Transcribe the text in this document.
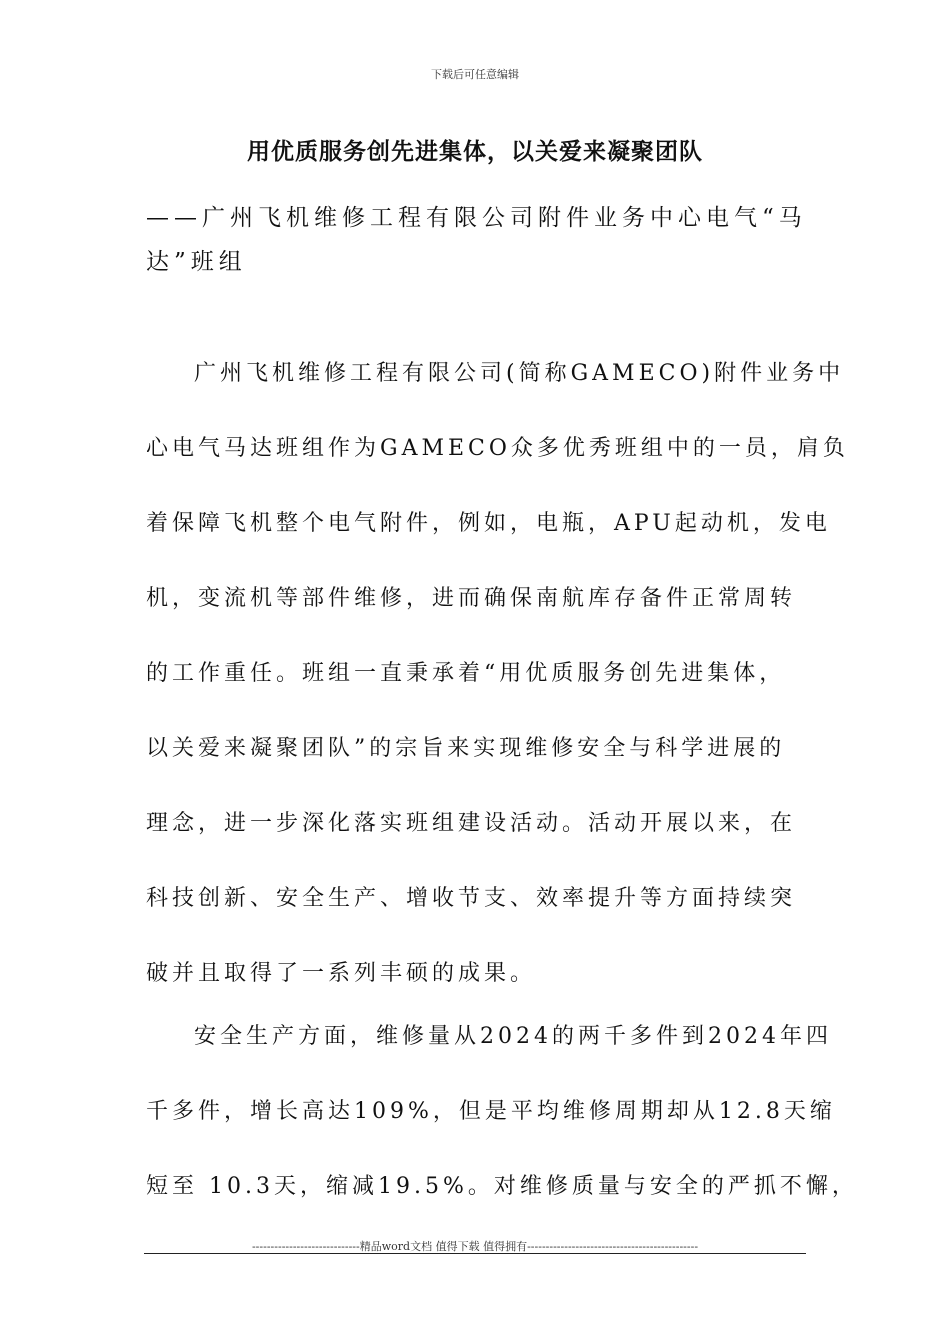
下载后可任意编辑
用优质服务创先进集体，以关爱来凝聚团队
——广州飞机维修工程有限公司附件业务中心电气“马
达”班组
广州飞机维修工程有限公司(简称GAMECO)附件业务中
心电气马达班组作为GAMECO众多优秀班组中的一员，肩负
着保障飞机整个电气附件，例如，电瓶，APU起动机，发电
机，变流机等部件维修，进而确保南航库存备件正常周转
的工作重任。班组一直秉承着“用优质服务创先进集体，
以关爱来凝聚团队”的宗旨来实现维修安全与科学进展的
理念，进一步深化落实班组建设活动。活动开展以来，在
科技创新、安全生产、增收节支、效率提升等方面持续突
破并且取得了一系列丰硕的成果。
安全生产方面，维修量从2024的两千多件到2024年四
千多件，增长高达109%，但是平均维修周期却从12.8天缩
短至 10.3天，缩减19.5%。对维修质量与安全的严抓不懈，
-----------------------------精品word文档 值得下载 值得拥有----------------------------------------------
